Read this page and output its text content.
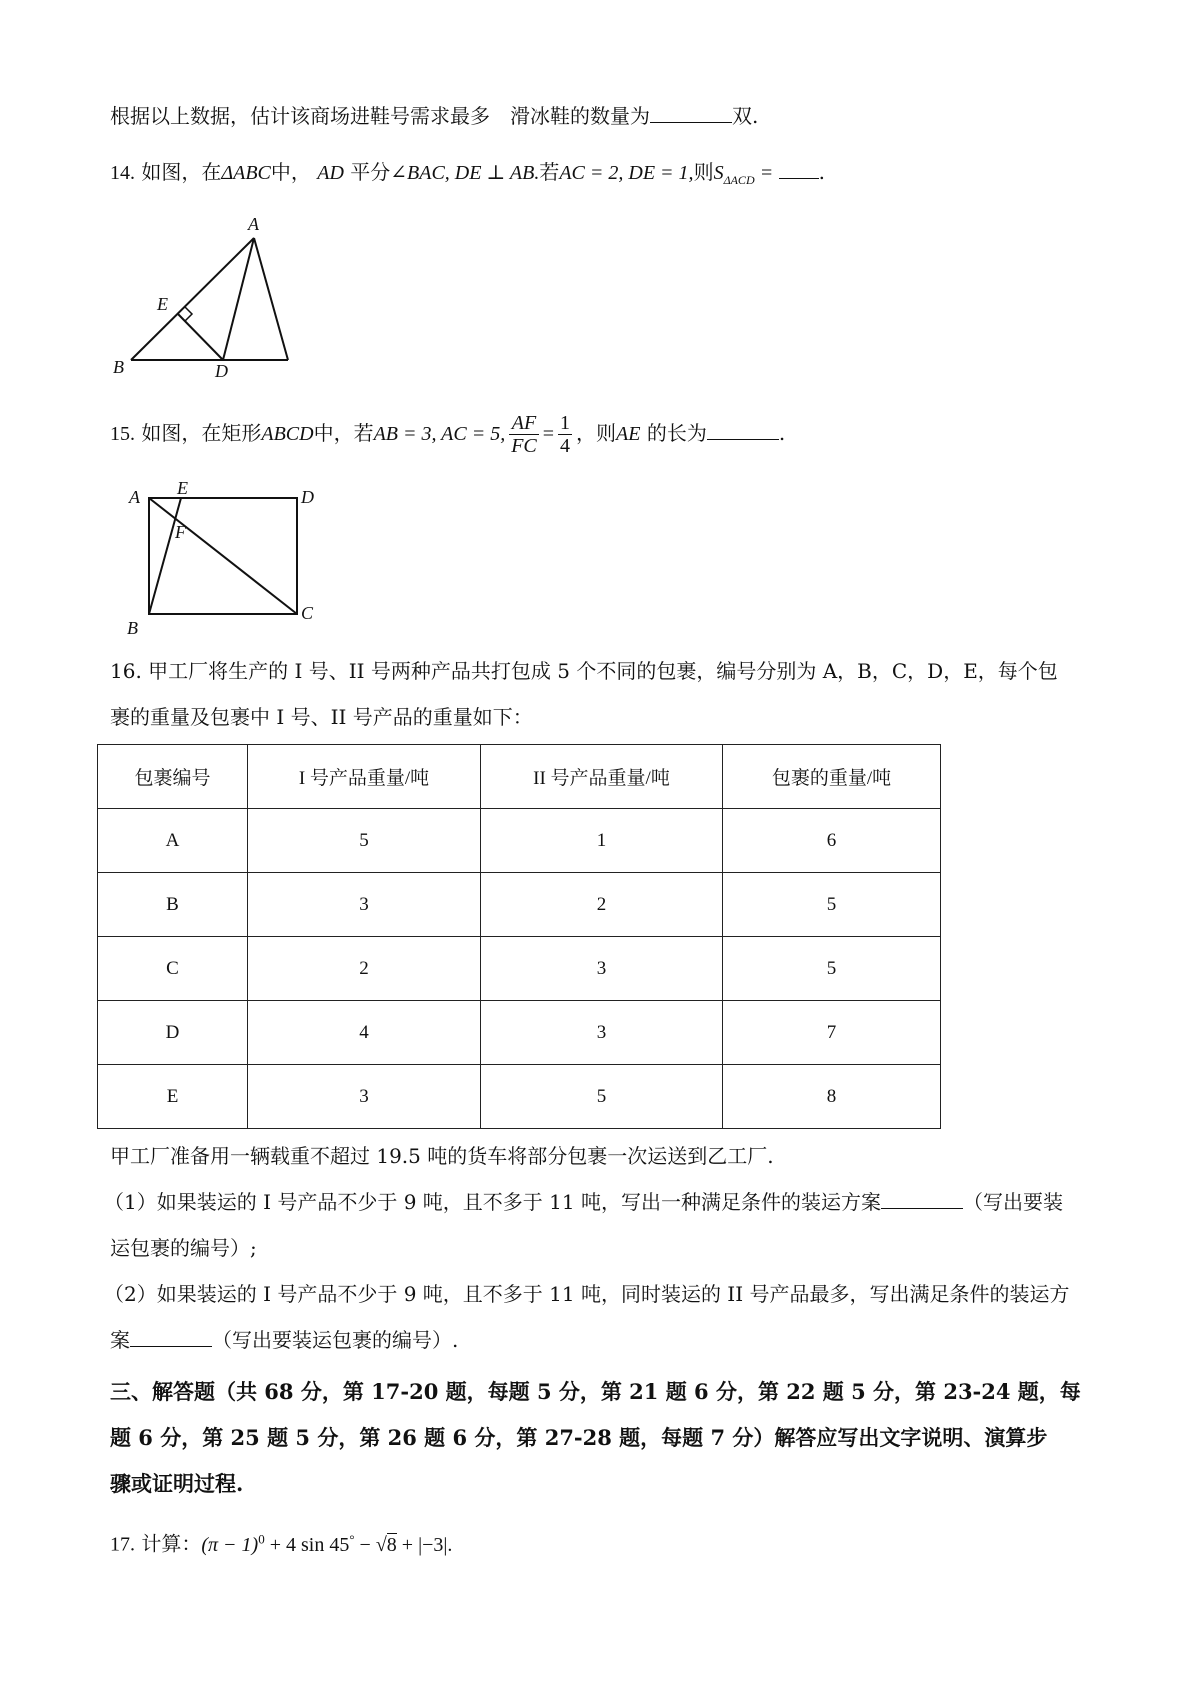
根据以上数据，估计该商场进鞋号需求最多　滑冰鞋的数量为	双.
14. 如图，在ΔABC中， AD 平分∠BAC, DE ⊥ AB.若AC = 2, DE = 1,则$S_{\Delta ACD}$ = .
A
B	D
E
15. 如图，在矩形ABCD中，若AB = 3, AC = 5, $\frac{AF}{FC} = \frac{1}{4}$ ，则AE 的长为	.
A E	D
F
B
C
16. 甲工厂将生产的 I 号、II 号两种产品共打包成 5 个不同的包裹，编号分别为 A，B，C，D，E，每个包
裹的重量及包裹中 I 号、II 号产品的重量如下：
包裹编号	I 号产品重量/吨	II 号产品重量/吨	包裹的重量/吨
A	5	1	6
B	3	2	5
C	2	3	5
D	4	3	7
E	3	5	8
甲工厂准备用一辆载重不超过 19.5 吨的货车将部分包裹一次运送到乙工厂.
（1）如果装运的 I 号产品不少于 9 吨，且不多于 11 吨，写出一种满足条件的装运方案	（写出要装
运包裹的编号）;
（2）如果装运的 I 号产品不少于 9 吨，且不多于 11 吨，同时装运的 II 号产品最多，写出满足条件的装运方
案	（写出要装运包裹的编号）.
三、解答题（共 68 分，第 17-20 题，每题 5 分，第 21 题 6 分，第 22 题 5 分，第 23-24 题，每
题 6 分，第 25 题 5 分，第 26 题 6 分，第 27-28 题，每题 7 分）解答应写出文字说明、演算步
骤或证明过程.
17. 计算：$(\pi - 1)^0 + 4$ sin 45° − √8 + |−3|.
